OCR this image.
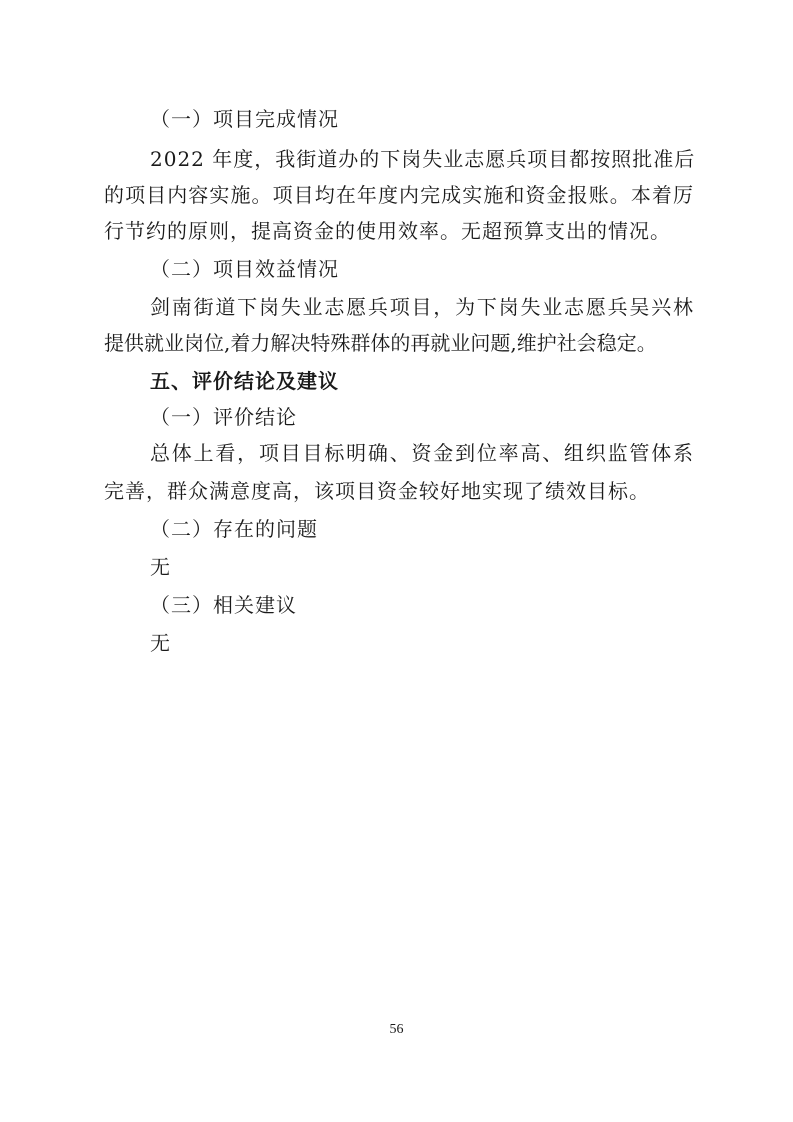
（一）项目完成情况
2022 年度，我街道办的下岗失业志愿兵项目都按照批准后
的项目内容实施。项目均在年度内完成实施和资金报账。本着厉
行节约的原则，提高资金的使用效率。无超预算支出的情况。
（二）项目效益情况
剑南街道下岗失业志愿兵项目，为下岗失业志愿兵吴兴林
提供就业岗位,着力解决特殊群体的再就业问题,维护社会稳定。
五、评价结论及建议
（一）评价结论
总体上看，项目目标明确、资金到位率高、组织监管体系
完善，群众满意度高，该项目资金较好地实现了绩效目标。
（二）存在的问题
无
（三）相关建议
无
56
